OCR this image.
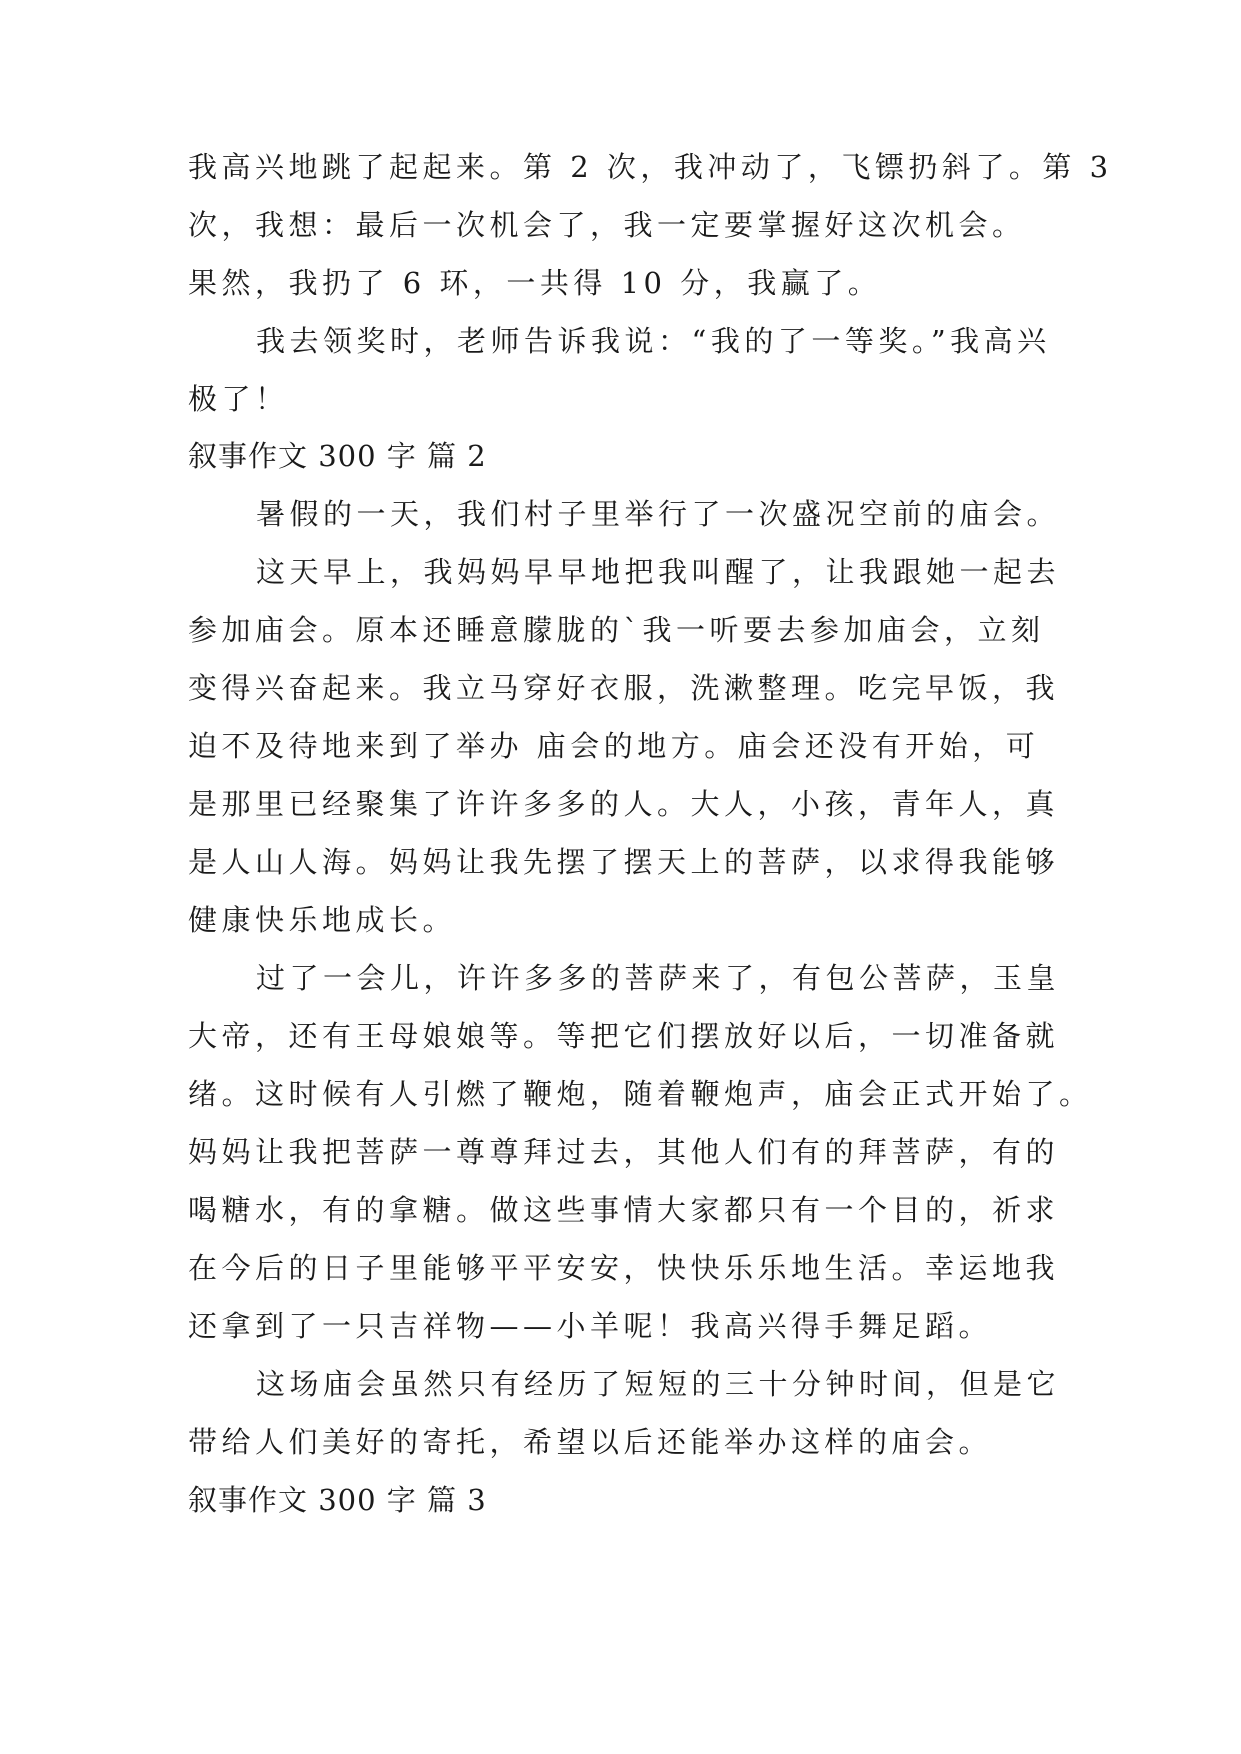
我高兴地跳了起起来。第 2 次，我冲动了，飞镖扔斜了。第 3
次，我想：最后一次机会了，我一定要掌握好这次机会。
果然，我扔了 6 环，一共得 10 分，我赢了。
我去领奖时，老师告诉我说：“我的了一等奖。”我高兴
极了！
叙事作文 300 字 篇 2
暑假的一天，我们村子里举行了一次盛况空前的庙会。
这天早上，我妈妈早早地把我叫醒了，让我跟她一起去
参加庙会。原本还睡意朦胧的`我一听要去参加庙会，立刻
变得兴奋起来。我立马穿好衣服，洗漱整理。吃完早饭，我
迫不及待地来到了举办 庙会的地方。庙会还没有开始，可
是那里已经聚集了许许多多的人。大人，小孩，青年人，真
是人山人海。妈妈让我先摆了摆天上的菩萨，以求得我能够
健康快乐地成长。
过了一会儿，许许多多的菩萨来了，有包公菩萨，玉皇
大帝，还有王母娘娘等。等把它们摆放好以后，一切准备就
绪。这时候有人引燃了鞭炮，随着鞭炮声，庙会正式开始了。
妈妈让我把菩萨一尊尊拜过去，其他人们有的拜菩萨，有的
喝糖水，有的拿糖。做这些事情大家都只有一个目的，祈求
在今后的日子里能够平平安安，快快乐乐地生活。幸运地我
还拿到了一只吉祥物——小羊呢！我高兴得手舞足蹈。
这场庙会虽然只有经历了短短的三十分钟时间，但是它
带给人们美好的寄托，希望以后还能举办这样的庙会。
叙事作文 300 字 篇 3
